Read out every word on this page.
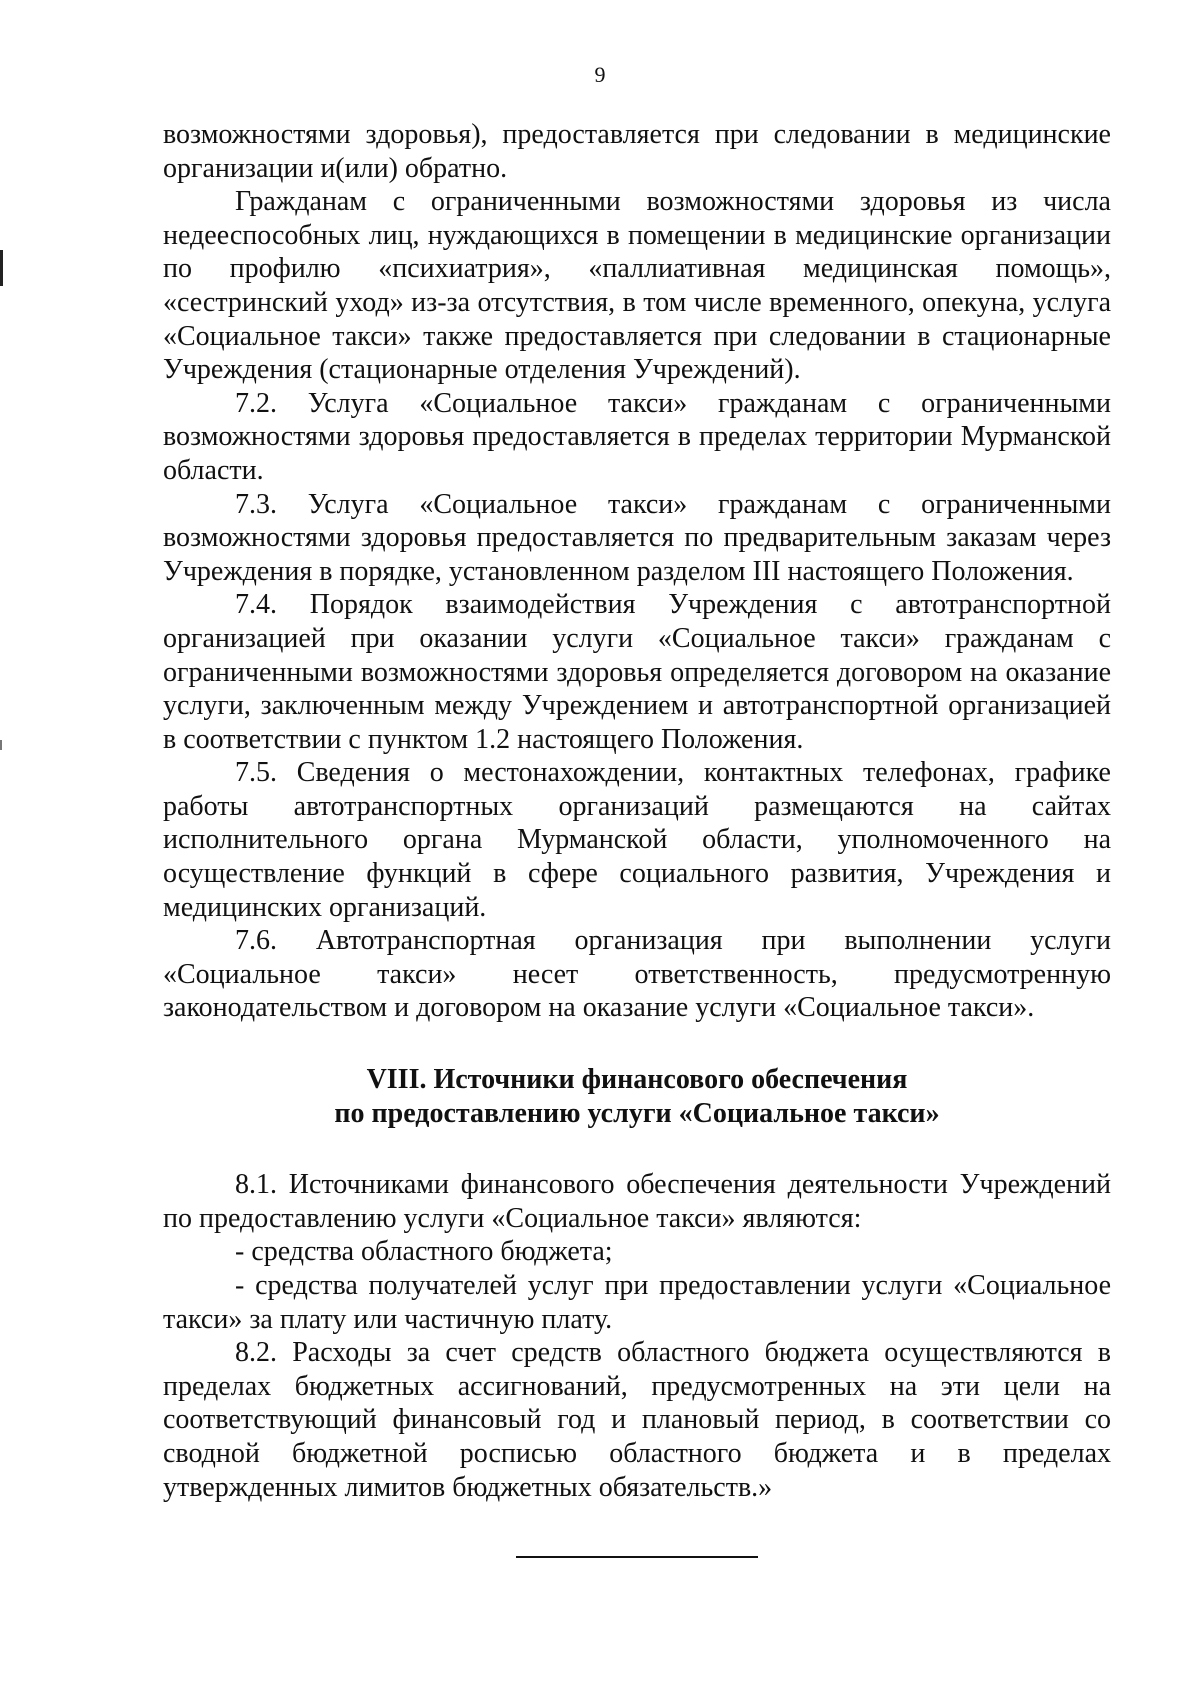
9

возможностями здоровья), предоставляется при следовании в медицинские организации и(или) обратно.

Гражданам с ограниченными возможностями здоровья из числа недееспособных лиц, нуждающихся в помещении в медицинские организации по профилю «психиатрия», «паллиативная медицинская помощь», «сестринский уход» из-за отсутствия, в том числе временного, опекуна, услуга «Социальное такси» также предоставляется при следовании в стационарные Учреждения (стационарные отделения Учреждений).

7.2. Услуга «Социальное такси» гражданам с ограниченными возможностями здоровья предоставляется в пределах территории Мурманской области.

7.3. Услуга «Социальное такси» гражданам с ограниченными возможностями здоровья предоставляется по предварительным заказам через Учреждения в порядке, установленном разделом III настоящего Положения.

7.4. Порядок взаимодействия Учреждения с автотранспортной организацией при оказании услуги «Социальное такси» гражданам с ограниченными возможностями здоровья определяется договором на оказание услуги, заключенным между Учреждением и автотранспортной организацией в соответствии с пунктом 1.2 настоящего Положения.

7.5. Сведения о местонахождении, контактных телефонах, графике работы автотранспортных организаций размещаются на сайтах исполнительного органа Мурманской области, уполномоченного на осуществление функций в сфере социального развития, Учреждения и медицинских организаций.

7.6. Автотранспортная организация при выполнении услуги «Социальное такси» несет ответственность, предусмотренную законодательством и договором на оказание услуги «Социальное такси».

VIII. Источники финансового обеспечения
по предоставлению услуги «Социальное такси»

8.1. Источниками финансового обеспечения деятельности Учреждений по предоставлению услуги «Социальное такси» являются:

- средства областного бюджета;

- средства получателей услуг при предоставлении услуги «Социальное такси» за плату или частичную плату.

8.2. Расходы за счет средств областного бюджета осуществляются в пределах бюджетных ассигнований, предусмотренных на эти цели на соответствующий финансовый год и плановый период, в соответствии со сводной бюджетной росписью областного бюджета и в пределах утвержденных лимитов бюджетных обязательств.»
